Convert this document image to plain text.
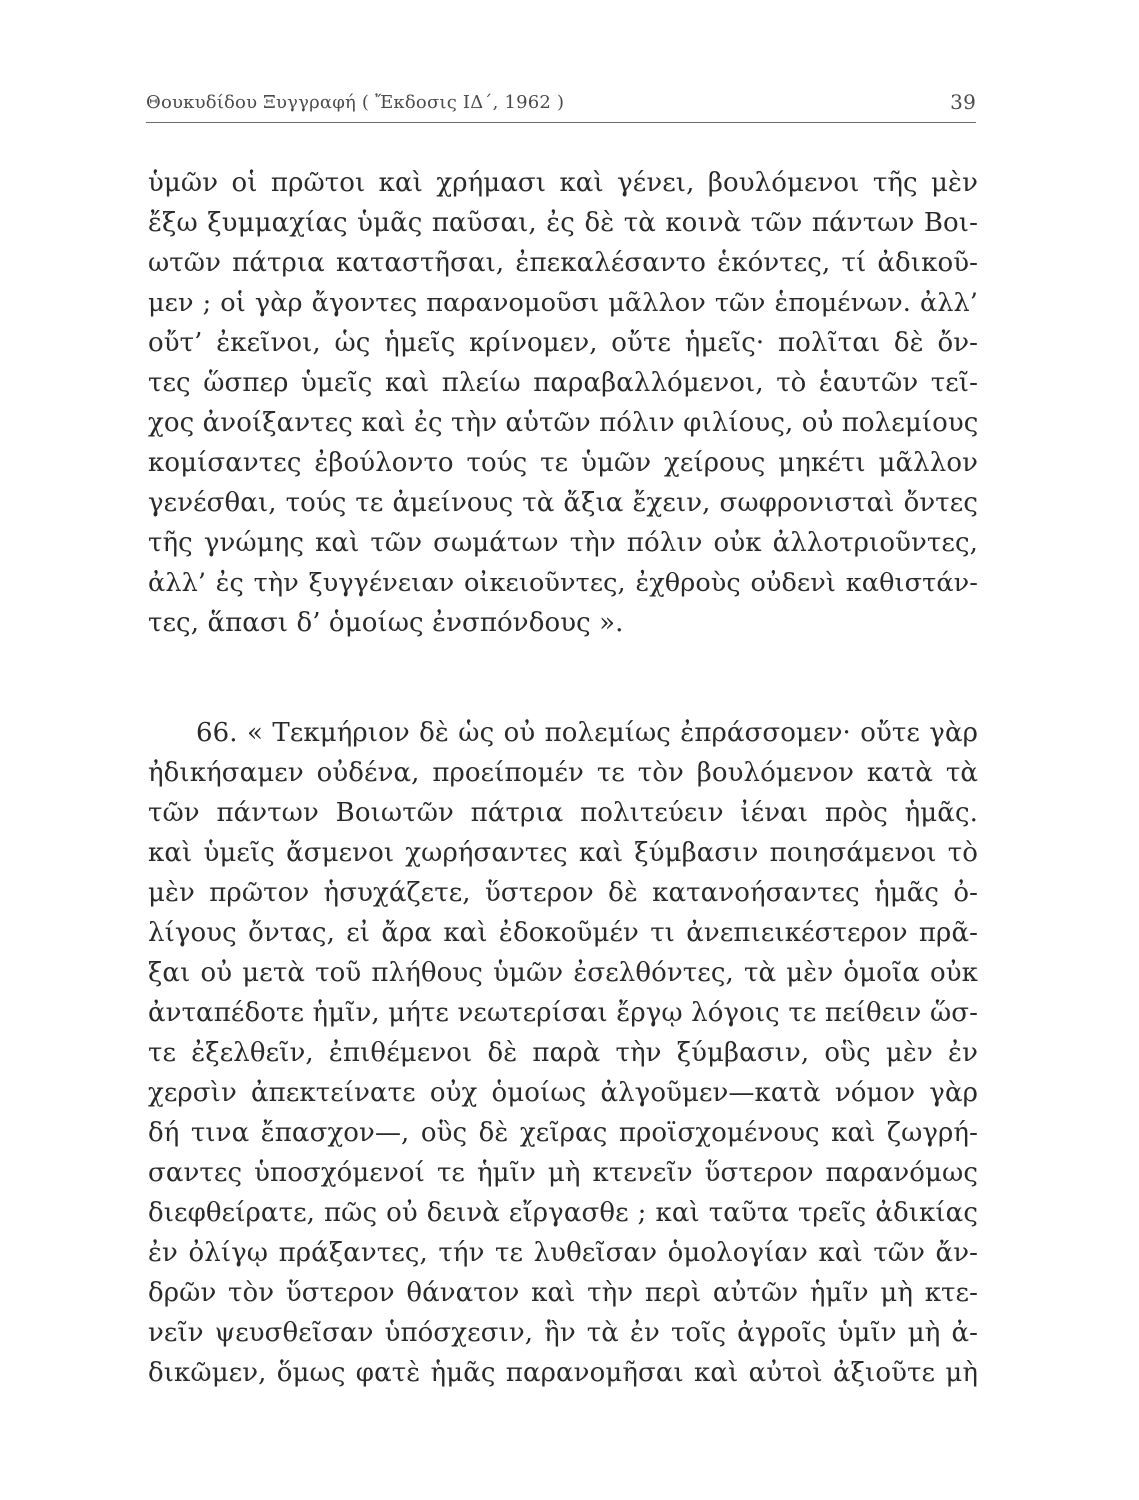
Θουκυδίδου Ξυγγραφή ( Ἔκδοσις ΙΔ΄, 1962 )	39
ὑμῶν οἱ πρῶτοι καὶ χρήμασι καὶ γένει, βουλόμενοι τῆς μὲν
ἔξω ξυμμαχίας ὑμᾶς παῦσαι, ἐς δὲ τὰ κοινὰ τῶν πάντων Βοι-
ωτῶν πάτρια καταστῆσαι, ἐπεκαλέσαντο ἑκόντες, τί ἀδικοῦ-
μεν ; οἱ γὰρ ἄγοντες παρανομοῦσι μᾶλλον τῶν ἑπομένων. ἀλλ’
οὔτ’ ἐκεῖνοι, ὡς ἡμεῖς κρίνομεν, οὔτε ἡμεῖς· πολῖται δὲ ὄν-
τες ὥσπερ ὑμεῖς καὶ πλείω παραβαλλόμενοι, τὸ ἑαυτῶν τεῖ-
χος ἀνοίξαντες καὶ ἐς τὴν αὑτῶν πόλιν φιλίους, οὐ πολεμίους
κομίσαντες ἐβούλοντο τούς τε ὑμῶν χείρους μηκέτι μᾶλλον
γενέσθαι, τούς τε ἀμείνους τὰ ἄξια ἔχειν, σωφρονισταὶ ὄντες
τῆς γνώμης καὶ τῶν σωμάτων τὴν πόλιν οὐκ ἀλλοτριοῦντες,
ἀλλ’ ἐς τὴν ξυγγένειαν οἰκειοῦντες, ἐχθροὺς οὐδενὶ καθιστάν-
τες, ἅπασι δ’ ὁμοίως ἐνσπόνδους ».
66. « Τεκμήριον δὲ ὡς οὐ πολεμίως ἐπράσσομεν· οὔτε γὰρ
ἠδικήσαμεν οὐδένα, προείπομέν τε τὸν βουλόμενον κατὰ τὰ
τῶν πάντων Βοιωτῶν πάτρια πολιτεύειν ἰέναι πρὸς ἡμᾶς.
καὶ ὑμεῖς ἄσμενοι χωρήσαντες καὶ ξύμβασιν ποιησάμενοι τὸ
μὲν πρῶτον ἡσυχάζετε, ὕστερον δὲ κατανοήσαντες ἡμᾶς ὀ-
λίγους ὄντας, εἰ ἄρα καὶ ἐδοκοῦμέν τι ἀνεπιεικέστερον πρᾶ-
ξαι οὐ μετὰ τοῦ πλήθους ὑμῶν ἐσελθόντες, τὰ μὲν ὁμοῖα οὐκ
ἀνταπέδοτε ἡμῖν, μήτε νεωτερίσαι ἔργῳ λόγοις τε πείθειν ὥσ-
τε ἐξελθεῖν, ἐπιθέμενοι δὲ παρὰ τὴν ξύμβασιν, οὓς μὲν ἐν
χερσὶν ἀπεκτείνατε οὐχ ὁμοίως ἀλγοῦμεν—κατὰ νόμον γὰρ
δή τινα ἔπασχον—, οὓς δὲ χεῖρας προϊσχομένους καὶ ζωγρή-
σαντες ὑποσχόμενοί τε ἡμῖν μὴ κτενεῖν ὕστερον παρανόμως
διεφθείρατε, πῶς οὐ δεινὰ εἴργασθε ; καὶ ταῦτα τρεῖς ἀδικίας
ἐν ὀλίγῳ πράξαντες, τήν τε λυθεῖσαν ὁμολογίαν καὶ τῶν ἄν-
δρῶν τὸν ὕστερον θάνατον καὶ τὴν περὶ αὐτῶν ἡμῖν μὴ κτε-
νεῖν ψευσθεῖσαν ὑπόσχεσιν, ἣν τὰ ἐν τοῖς ἀγροῖς ὑμῖν μὴ ἀ-
δικῶμεν, ὅμως φατὲ ἡμᾶς παρανομῆσαι καὶ αὐτοὶ ἀξιοῦτε μὴ
